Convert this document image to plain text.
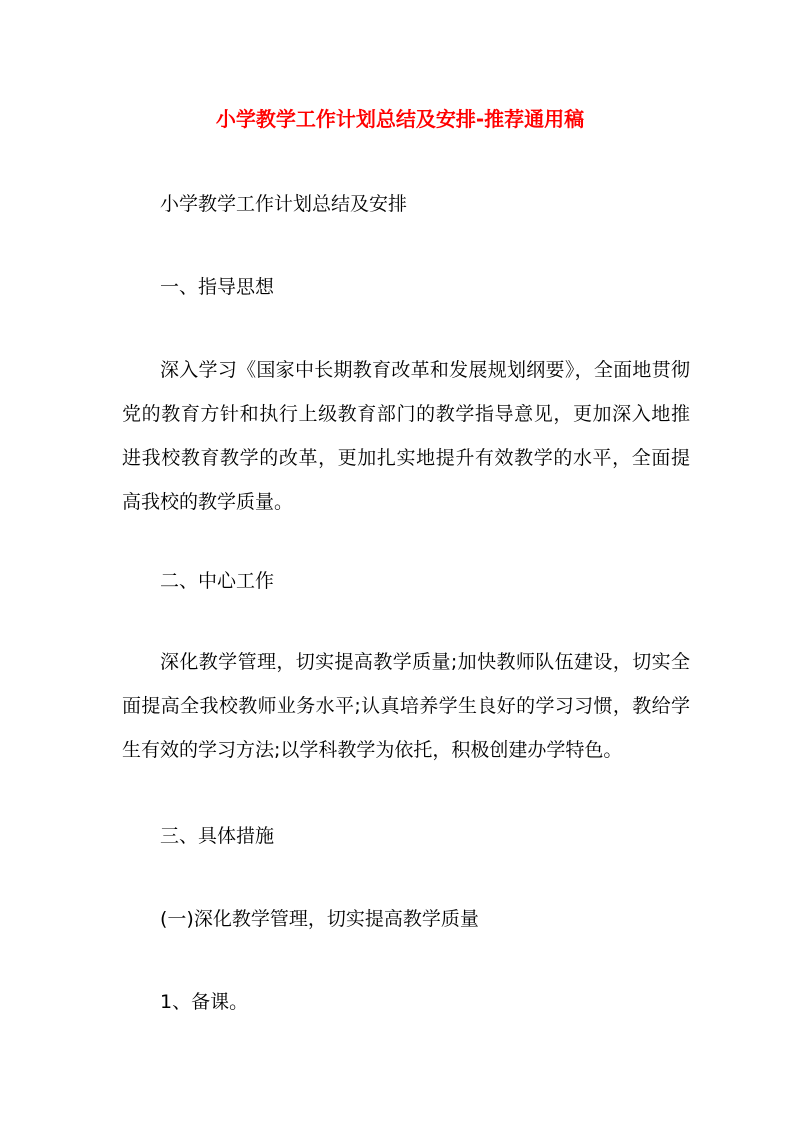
小学教学工作计划总结及安排-推荐通用稿
小学教学工作计划总结及安排
一、指导思想
深入学习《国家中长期教育改革和发展规划纲要》，全面地贯彻党的教育方针和执行上级教育部门的教学指导意见，更加深入地推进我校教育教学的改革，更加扎实地提升有效教学的水平，全面提高我校的教学质量。
二、中心工作
深化教学管理，切实提高教学质量;加快教师队伍建设，切实全面提高全我校教师业务水平;认真培养学生良好的学习习惯，教给学生有效的学习方法;以学科教学为依托，积极创建办学特色。
三、具体措施
(一)深化教学管理，切实提高教学质量
1、备课。
